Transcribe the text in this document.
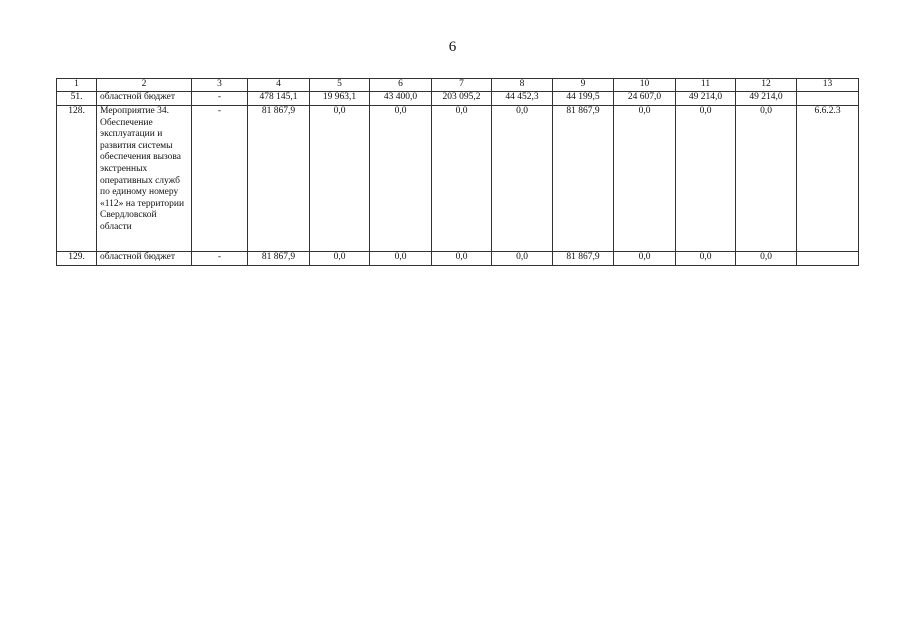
6
1	2	3	4	5	6	7	8	9	10	11	12	13
51.	областной бюджет	-	478 145,1	19 963,1	43 400,0	203 095,2	44 452,3	44 199,5	24 607,0	49 214,0	49 214,0	
128.	Мероприятие 34. Обеспечение эксплуатации и развития системы обеспечения вызова экстренных оперативных служб по единому номеру «112» на территории Свердловской области	-	81 867,9	0,0	0,0	0,0	0,0	81 867,9	0,0	0,0	0,0	6.6.2.3
129.	областной бюджет	-	81 867,9	0,0	0,0	0,0	0,0	81 867,9	0,0	0,0	0,0	
